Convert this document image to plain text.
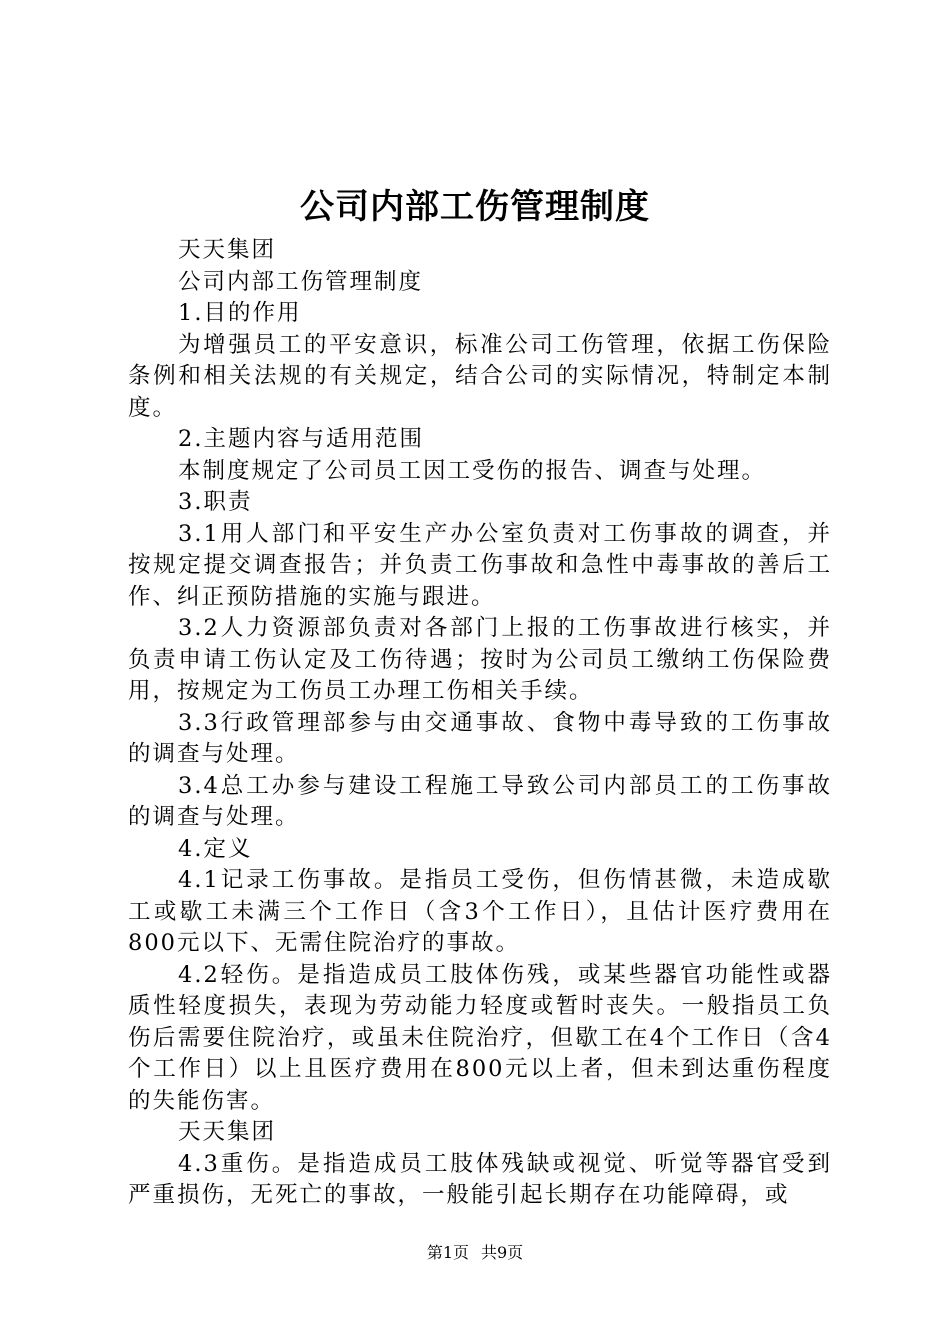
公司内部工伤管理制度

天天集团

公司内部工伤管理制度

1.目的作用

为增强员工的平安意识，标准公司工伤管理，依据工伤保险条例和相关法规的有关规定，结合公司的实际情况，特制定本制度。

2.主题内容与适用范围

本制度规定了公司员工因工受伤的报告、调查与处理。

3.职责

3.1用人部门和平安生产办公室负责对工伤事故的调查，并按规定提交调查报告；并负责工伤事故和急性中毒事故的善后工作、纠正预防措施的实施与跟进。

3.2人力资源部负责对各部门上报的工伤事故进行核实，并负责申请工伤认定及工伤待遇；按时为公司员工缴纳工伤保险费用，按规定为工伤员工办理工伤相关手续。

3.3行政管理部参与由交通事故、食物中毒导致的工伤事故的调查与处理。

3.4总工办参与建设工程施工导致公司内部员工的工伤事故的调查与处理。

4.定义

4.1记录工伤事故。是指员工受伤，但伤情甚微，未造成歇工或歇工未满三个工作日（含3个工作日），且估计医疗费用在800元以下、无需住院治疗的事故。

4.2轻伤。是指造成员工肢体伤残，或某些器官功能性或器质性轻度损失，表现为劳动能力轻度或暂时丧失。一般指员工负伤后需要住院治疗，或虽未住院治疗，但歇工在4个工作日（含4个工作日）以上且医疗费用在800元以上者，但未到达重伤程度的失能伤害。

天天集团

4.3重伤。是指造成员工肢体残缺或视觉、听觉等器官受到严重损伤，无死亡的事故，一般能引起长期存在功能障碍，或

第1页 共9页
